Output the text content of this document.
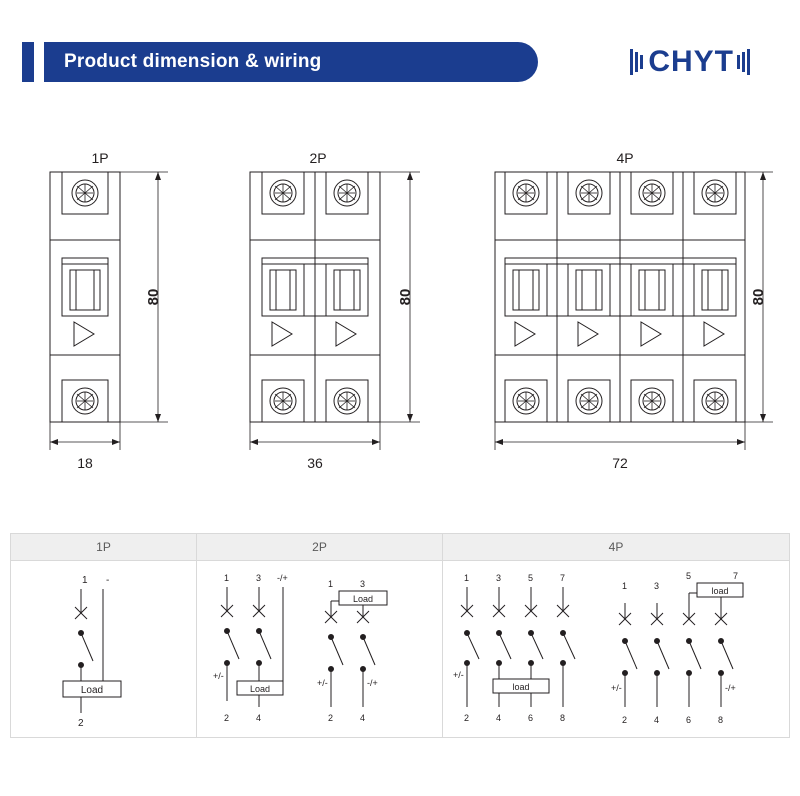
Product dimension & wiring	CHYT
1P
80
18
2P
80
36
4P
80
72
1P	2P	4P
1 -
Load
2
1	3 -/+
Load
+/-
2	4
1	3
Load
+/-	-/+
2	4
1	3	5	7
+/-
load
2	4	6	8
1	3
5	7
load
+/-	-/+
2	4	6	8
